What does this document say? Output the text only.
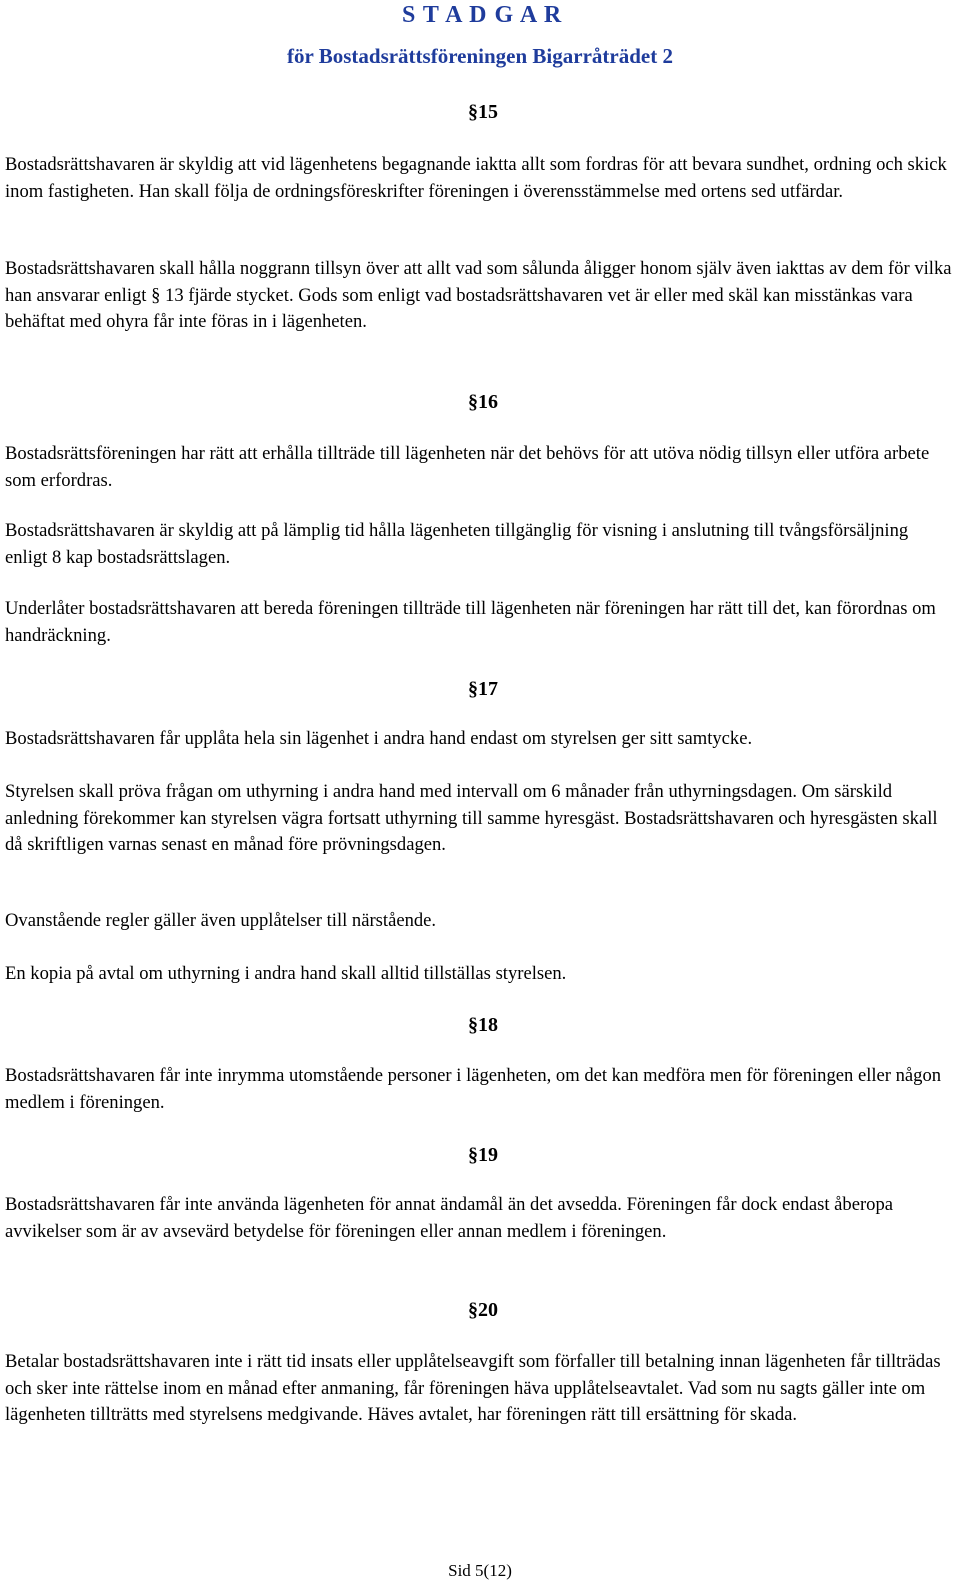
S T A D G A R
för Bostadsrättsföreningen Bigarråträdet 2
§15

Bostadsrättshavaren är skyldig att vid lägenhetens begagnande iaktta allt som fordras för att bevara sundhet, ordning och skick inom fastigheten. Han skall följa de ordningsföreskrifter föreningen i överensstämmelse med ortens sed utfärdar.

Bostadsrättshavaren skall hålla noggrann tillsyn över att allt vad som sålunda åligger honom själv även iakttas av dem för vilka han ansvarar enligt § 13 fjärde stycket. Gods som enligt vad bostadsrättshavaren vet är eller med skäl kan misstänkas vara behäftat med ohyra får inte föras in i lägenheten.

§16

Bostadsrättsföreningen har rätt att erhålla tillträde till lägenheten när det behövs för att utöva nödig tillsyn eller utföra arbete som erfordras.

Bostadsrättshavaren är skyldig att på lämplig tid hålla lägenheten tillgänglig för visning i anslutning till tvångsförsäljning enligt 8 kap bostadsrättslagen.

Underlåter bostadsrättshavaren att bereda föreningen tillträde till lägenheten när föreningen har rätt till det, kan förordnas om handräckning.

§17

Bostadsrättshavaren får upplåta hela sin lägenhet i andra hand endast om styrelsen ger sitt samtycke.

Styrelsen skall pröva frågan om uthyrning i andra hand med intervall om 6 månader från uthyrningsdagen. Om särskild anledning förekommer kan styrelsen vägra fortsatt uthyrning till samme hyresgäst. Bostadsrättshavaren och hyresgästen skall då skriftligen varnas senast en månad före prövningsdagen.

Ovanstående regler gäller även upplåtelser till närstående.

En kopia på avtal om uthyrning i andra hand skall alltid tillställas styrelsen.

§18

Bostadsrättshavaren får inte inrymma utomstående personer i lägenheten, om det kan medföra men för föreningen eller någon medlem i föreningen.

§19

Bostadsrättshavaren får inte använda lägenheten för annat ändamål än det avsedda. Föreningen får dock endast åberopa avvikelser som är av avsevärd betydelse för föreningen eller annan medlem i föreningen.

§20

Betalar bostadsrättshavaren inte i rätt tid insats eller upplåtelseavgift som förfaller till betalning innan lägenheten får tillträdas och sker inte rättelse inom en månad efter anmaning, får föreningen häva upplåtelseavtalet. Vad som nu sagts gäller inte om lägenheten tillträtts med styrelsens medgivande. Häves avtalet, har föreningen rätt till ersättning för skada.

Sid 5(12)
